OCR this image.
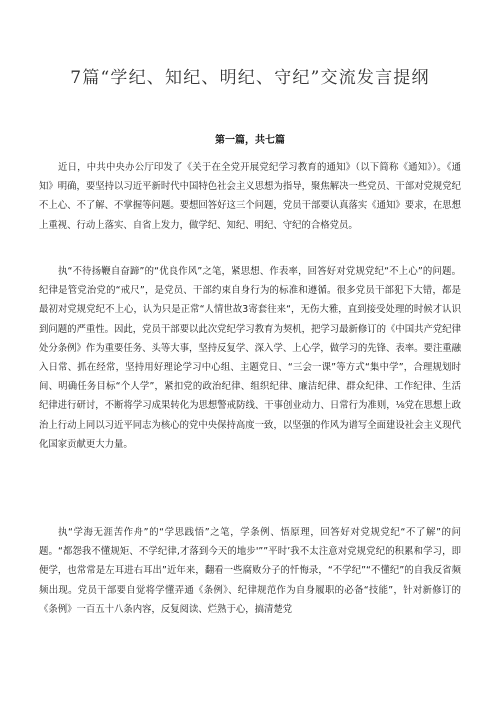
7篇“学纪、知纪、明纪、守纪”交流发言提纲
第一篇，共七篇

近日，中共中央办公厅印发了《关于在全党开展党纪学习教育的通知》（以下简称《通知》）。《通知》明确，要坚持以习近平新时代中国特色社会主义思想为指导，聚焦解决一些党员、干部对党规党纪不上心、不了解、不掌握等问题。要想回答好这三个问题，党员干部要认真落实《通知》要求，在思想上重视、行动上落实、自省上发力，做学纪、知纪、明纪、守纪的合格党员。

执“不待扬鞭自奋蹄”的“优良作风”之笔，紧思想、作表率，回答好对党规党纪“不上心”的问题。纪律是管党治党的“戒尺”，是党员、干部约束自身行为的标准和遵循。很多党员干部犯下大错，都是最初对党规党纪不上心，认为只是正常“人情世故3寄套往来“，无伤大雅，直到接受处理的时候才认识到问题的严重性。因此，党员干部要以此次党纪学习教育为契机，把学习最新修订的《中国共产党纪律处分条例》作为重要任务、头等大事，坚持反复学、深入学、上心学，做学习的先锋、表率。要注重融入日常、抓在经常，坚持用好理论学习中心组、主题党日、“三会一课”等方式“集中学”，合理规划时间、明确任务目标“个人学”，紧扣党的政治纪律、组织纪律、廉洁纪律、群众纪律、工作纪律、生活纪律进行研讨，不断将学习成果转化为思想警戒防线、干事创业动力、日常行为准则，⅛党在思想上政治上行动上同以习近平同志为核心的党中央保持高度一致，以坚强的作风为谱写全面建设社会主义现代化国家贡献更大力量。

执“学海无涯苦作舟”的“学思践悟”之笔，学条例、悟原理，回答好对党规党纪“不了解”的问题。“都怨我不懂规矩、不学纪律,才落到今天的地步'””平时’我不太注意对党规党纪的积累和学习，即便学，也常常是左耳进右耳出”近年来，翻看一些腐败分子的忏悔录，“不学纪”“不懂纪”的自我反省频频出现。党员干部要自觉将学懂弄通《条例》、纪律规范作为自身履职的必备“技能”，针对新修订的《条例》一百五十八条内容，反复阅读、烂熟于心，搞清楚党
